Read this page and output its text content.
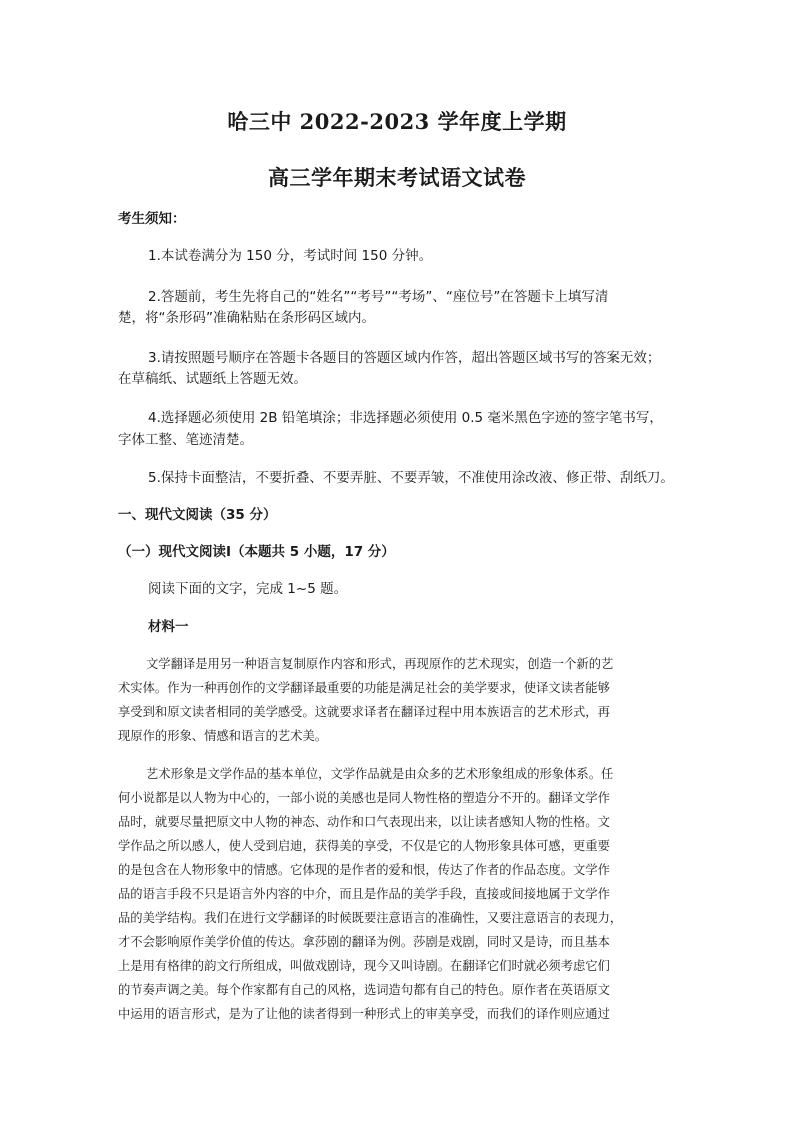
哈三中 2022-2023 学年度上学期
高三学年期末考试语文试卷
考生须知：
1.本试卷满分为 150 分，考试时间 150 分钟。
2.答题前，考生先将自己的“姓名”“考号”“考场”、“座位号”在答题卡上填写清
楚，将“条形码”准确粘贴在条形码区域内。
3.请按照题号顺序在答题卡各题目的答题区域内作答，超出答题区域书写的答案无效；
在草稿纸、试题纸上答题无效。
4.选择题必须使用 2B 铅笔填涂；非选择题必须使用 0.5 毫米黑色字迹的签字笔书写，
字体工整、笔迹清楚。
5.保持卡面整洁，不要折叠、不要弄脏、不要弄皱，不准使用涂改液、修正带、刮纸刀。
一、现代文阅读（35 分）
（一）现代文阅读Ⅰ（本题共 5 小题，17 分）
阅读下面的文字，完成 1~5 题。
材料一
文学翻译是用另一种语言复制原作内容和形式，再现原作的艺术现实，创造一个新的艺
术实体。作为一种再创作的文学翻译最重要的功能是满足社会的美学要求，使译文读者能够
享受到和原文读者相同的美学感受。这就要求译者在翻译过程中用本族语言的艺术形式，再
现原作的形象、情感和语言的艺术美。
艺术形象是文学作品的基本单位，文学作品就是由众多的艺术形象组成的形象体系。任
何小说都是以人物为中心的，一部小说的美感也是同人物性格的塑造分不开的。翻译文学作
品时，就要尽量把原文中人物的神态、动作和口气表现出来，以让读者感知人物的性格。文
学作品之所以感人，使人受到启迪，获得美的享受，不仅是它的人物形象具体可感，更重要
的是包含在人物形象中的情感。它体现的是作者的爱和恨，传达了作者的作品态度。文学作
品的语言手段不只是语言外内容的中介，而且是作品的美学手段，直接或间接地属于文学作
品的美学结构。我们在进行文学翻译的时候既要注意语言的准确性，又要注意语言的表现力，
才不会影响原作美学价值的传达。拿莎剧的翻译为例。莎剧是戏剧，同时又是诗，而且基本
上是用有格律的韵文行所组成，叫做戏剧诗，现今又叫诗剧。在翻译它们时就必须考虑它们
的节奏声调之美。每个作家都有自己的风格，选词造句都有自己的特色。原作者在英语原文
中运用的语言形式，是为了让他的读者得到一种形式上的审美享受，而我们的译作则应通过
